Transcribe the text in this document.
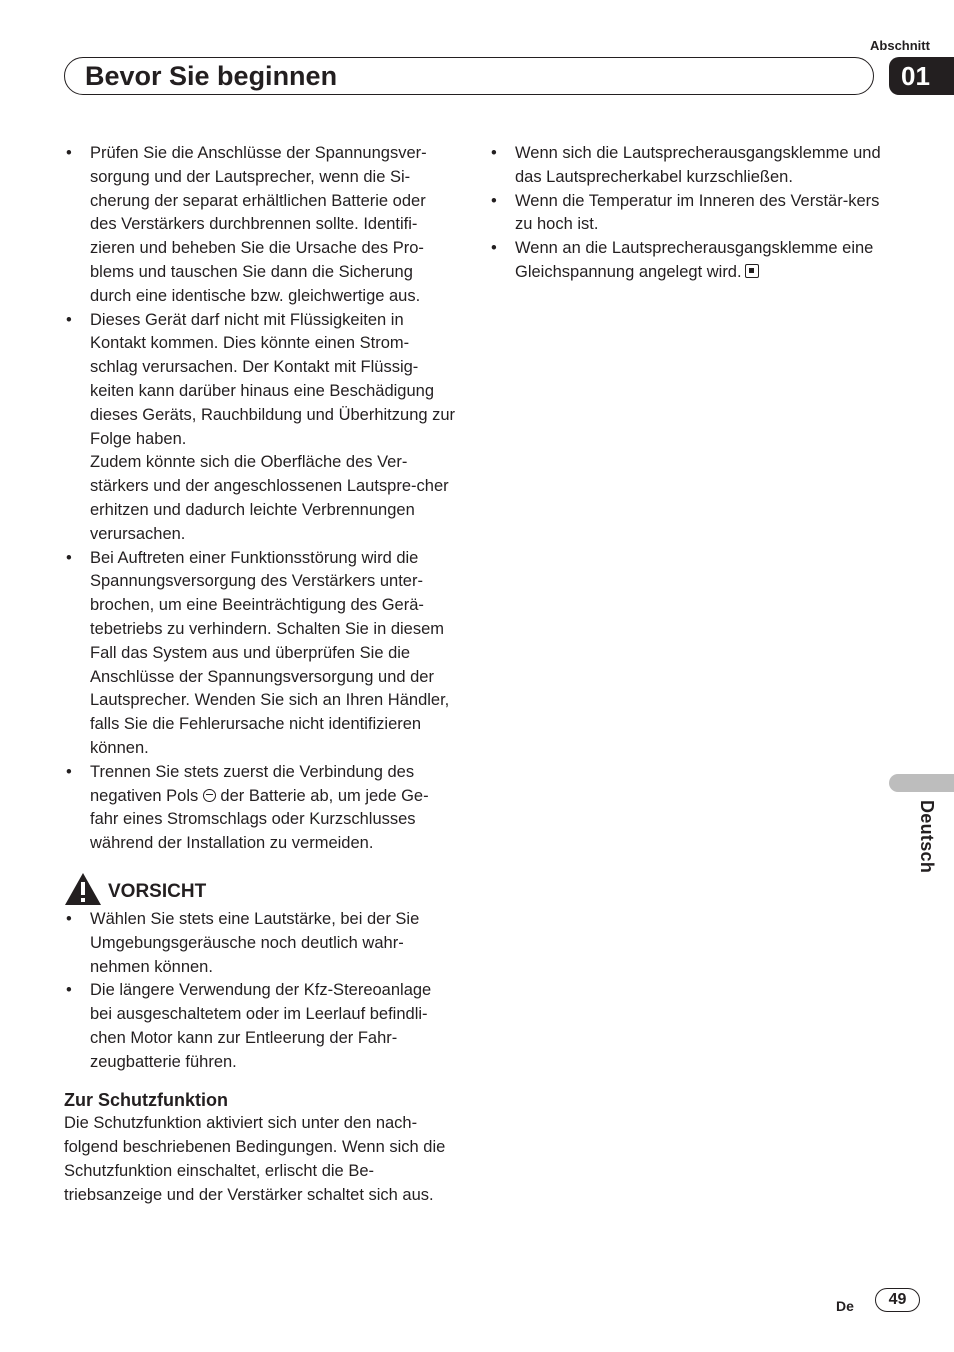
Abschnitt
Bevor Sie beginnen	01
Deutsch
• Prüfen Sie die Anschlüsse der Spannungsver-sorgung und der Lautsprecher, wenn die Si-cherung der separat erhältlichen Batterie oder des Verstärkers durchbrennen sollte. Identifi-zieren und beheben Sie die Ursache des Pro-blems und tauschen Sie dann die Sicherung durch eine identische bzw. gleichwertige aus.
• Dieses Gerät darf nicht mit Flüssigkeiten in Kontakt kommen. Dies könnte einen Strom-schlag verursachen. Der Kontakt mit Flüssig-keiten kann darüber hinaus eine Beschädigung dieses Geräts, Rauchbildung und Überhitzung zur Folge haben.
Zudem könnte sich die Oberfläche des Ver-stärkers und der angeschlossenen Lautspre-cher erhitzen und dadurch leichte Verbrennungen verursachen.
• Bei Auftreten einer Funktionsstörung wird die Spannungsversorgung des Verstärkers unter-brochen, um eine Beeinträchtigung des Gerä-tebetriebs zu verhindern. Schalten Sie in diesem Fall das System aus und überprüfen Sie die Anschlüsse der Spannungsversorgung und der Lautsprecher. Wenden Sie sich an Ihren Händler, falls Sie die Fehlerursache nicht identifizieren können.
• Trennen Sie stets zuerst die Verbindung des negativen Pols  der Batterie ab, um jede Ge-fahr eines Stromschlags oder Kurzschlusses während der Installation zu vermeiden.
VORSICHT
• Wählen Sie stets eine Lautstärke, bei der Sie Umgebungsgeräusche noch deutlich wahr-nehmen können.
• Die längere Verwendung der Kfz-Stereoanlage bei ausgeschaltetem oder im Leerlauf befindli-chen Motor kann zur Entleerung der Fahr-zeugbatterie führen.
Zur Schutzfunktion

Die Schutzfunktion aktiviert sich unter den nach-folgend beschriebenen Bedingungen. Wenn sich die Schutzfunktion einschaltet, erlischt die Be-triebsanzeige und der Verstärker schaltet sich aus.

• Wenn sich die Lautsprecherausgangsklemme und das Lautsprecherkabel kurzschließen.
• Wenn die Temperatur im Inneren des Verstär-kers zu hoch ist.
• Wenn an die Lautsprecherausgangsklemme eine Gleichspannung angelegt wird.
De	49
